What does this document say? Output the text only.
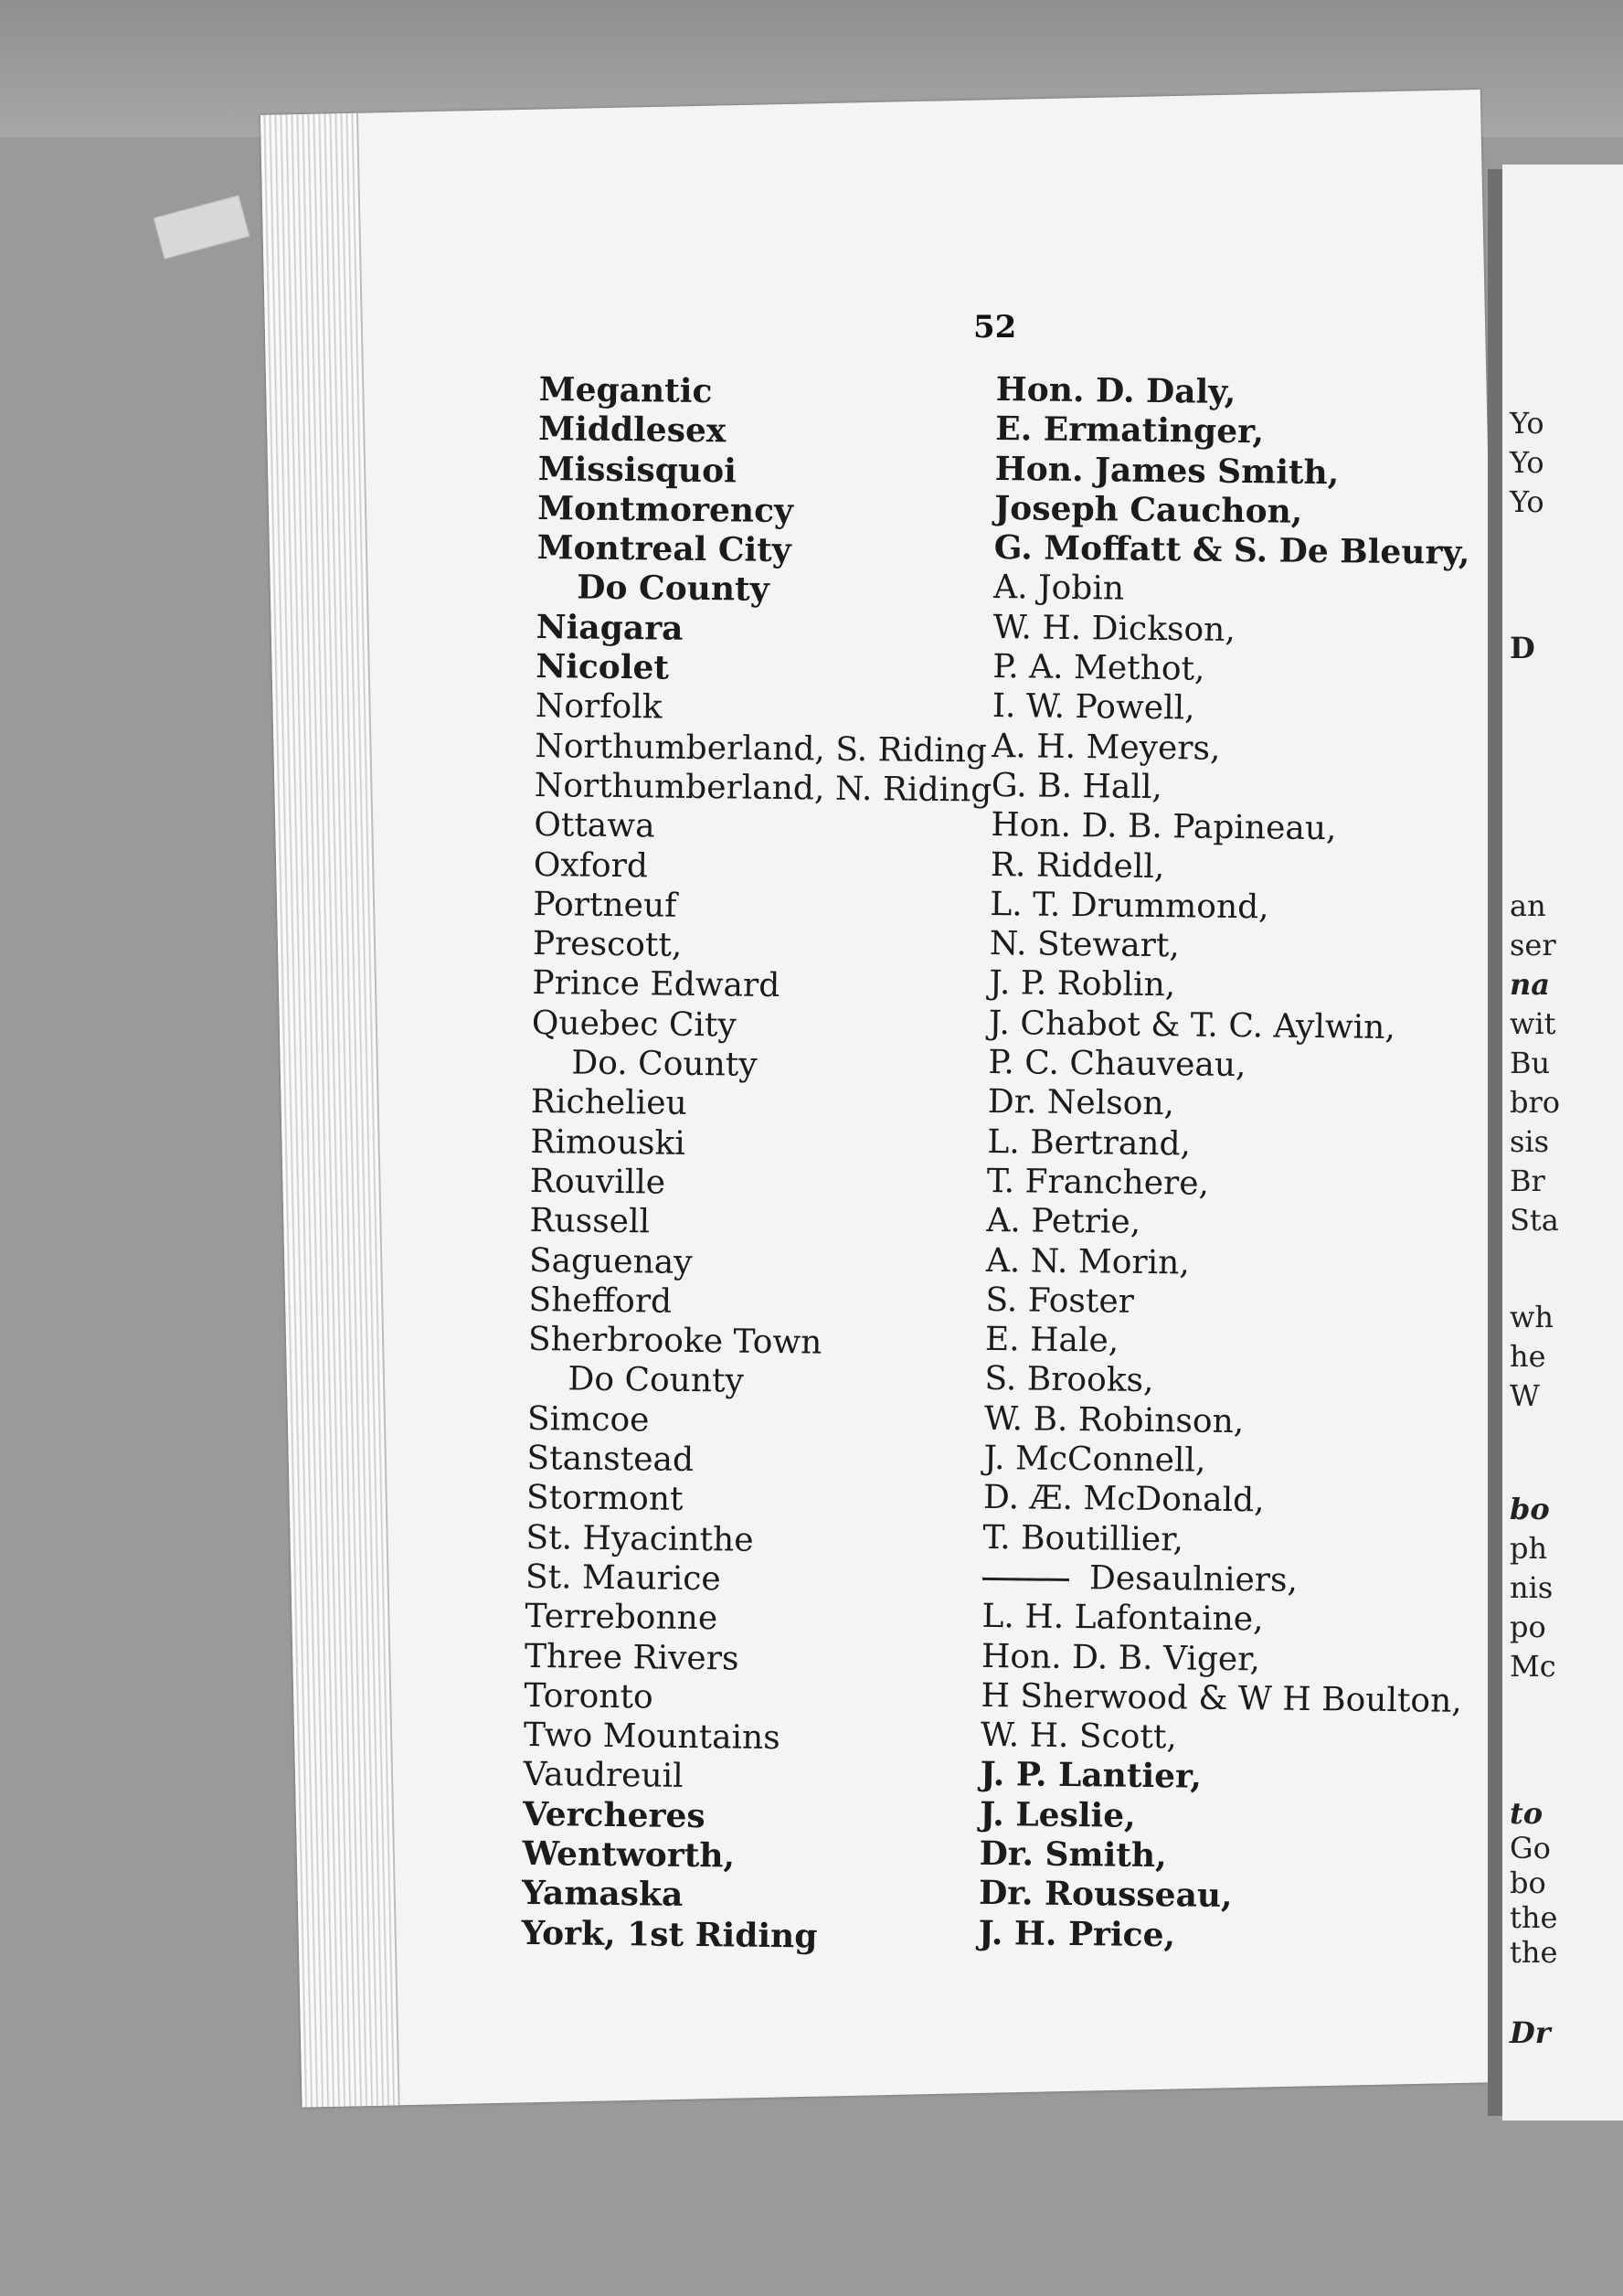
Yo
Yo
Yo
D
an
ser
na
wit
Bu
bro
sis
Br
Sta
wh
he
W
bo
ph
nis
po
Mc
to
Go
bo
the
the
Dr

52

Megantic
Middlesex
Missisquoi
Montmorency
Montreal City
Do County
Niagara
Nicolet
Norfolk
Northumberland, S. Riding
Northumberland, N. Riding
Ottawa
Oxford
Portneuf
Prescott,
Prince Edward
Quebec City
Do. County
Richelieu
Rimouski
Rouville
Russell
Saguenay
Shefford
Sherbrooke Town
Do County
Simcoe
Stanstead
Stormont
St. Hyacinthe
St. Maurice
Terrebonne
Three Rivers
Toronto
Two Mountains
Vaudreuil
Vercheres
Wentworth,
Yamaska
York, 1st Riding
Hon. D. Daly,
E. Ermatinger,
Hon. James Smith,
Joseph Cauchon,
G. Moffatt & S. De Bleury,
A. Jobin
W. H. Dickson,
P. A. Methot,
I. W. Powell,
A. H. Meyers,
G. B. Hall,
Hon. D. B. Papineau,
R. Riddell,
L. T. Drummond,
N. Stewart,
J. P. Roblin,
J. Chabot & T. C. Aylwin,
P. C. Chauveau,
Dr. Nelson,
L. Bertrand,
T. Franchere,
A. Petrie,
A. N. Morin,
S. Foster
E. Hale,
S. Brooks,
W. B. Robinson,
J. McConnell,
D. Æ. McDonald,
T. Boutillier,
Desaulniers,
L. H. Lafontaine,
Hon. D. B. Viger,
H Sherwood & W H Boulton,
W. H. Scott,
J. P. Lantier,
J. Leslie,
Dr. Smith,
Dr. Rousseau,
J. H. Price,
